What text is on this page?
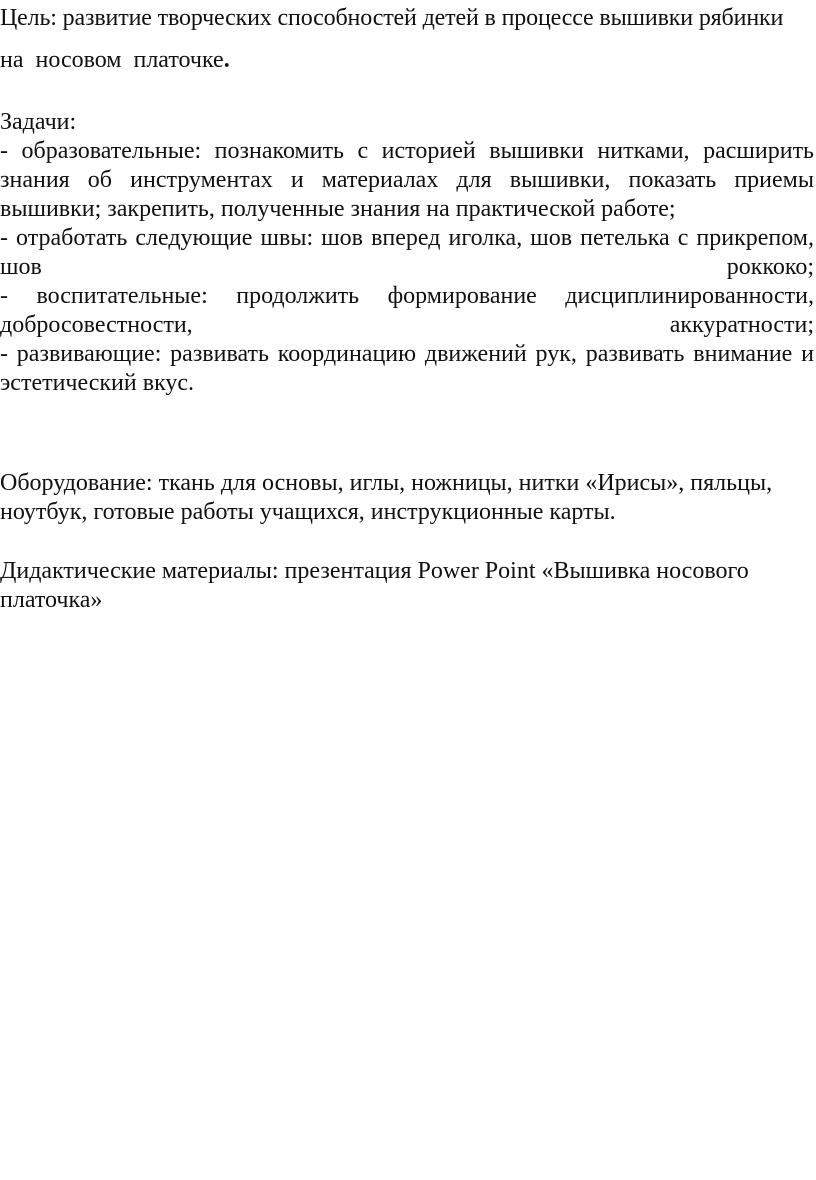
Цель: развитие творческих способностей детей в процессе вышивки рябинки
на носовом платочке.

Задачи:
- образовательные: познакомить с историей вышивки нитками, расширить знания об инструментах и материалах для вышивки, показать приемы вышивки; закрепить, полученные знания на практической работе;
- отработать следующие швы: шов вперед иголка, шов петелька с прикрепом,
шов роккоко;
- воспитательные: продолжить формирование дисциплинированности,
добросовестности, аккуратности;
- развивающие: развивать координацию движений рук, развивать внимание и эстетический вкус.

Оборудование: ткань для основы, иглы, ножницы, нитки «Ирисы», пяльцы, ноутбук, готовые работы учащихся, инструкционные карты.

Дидактические материалы: презентация Power Point «Вышивка носового платочка»
